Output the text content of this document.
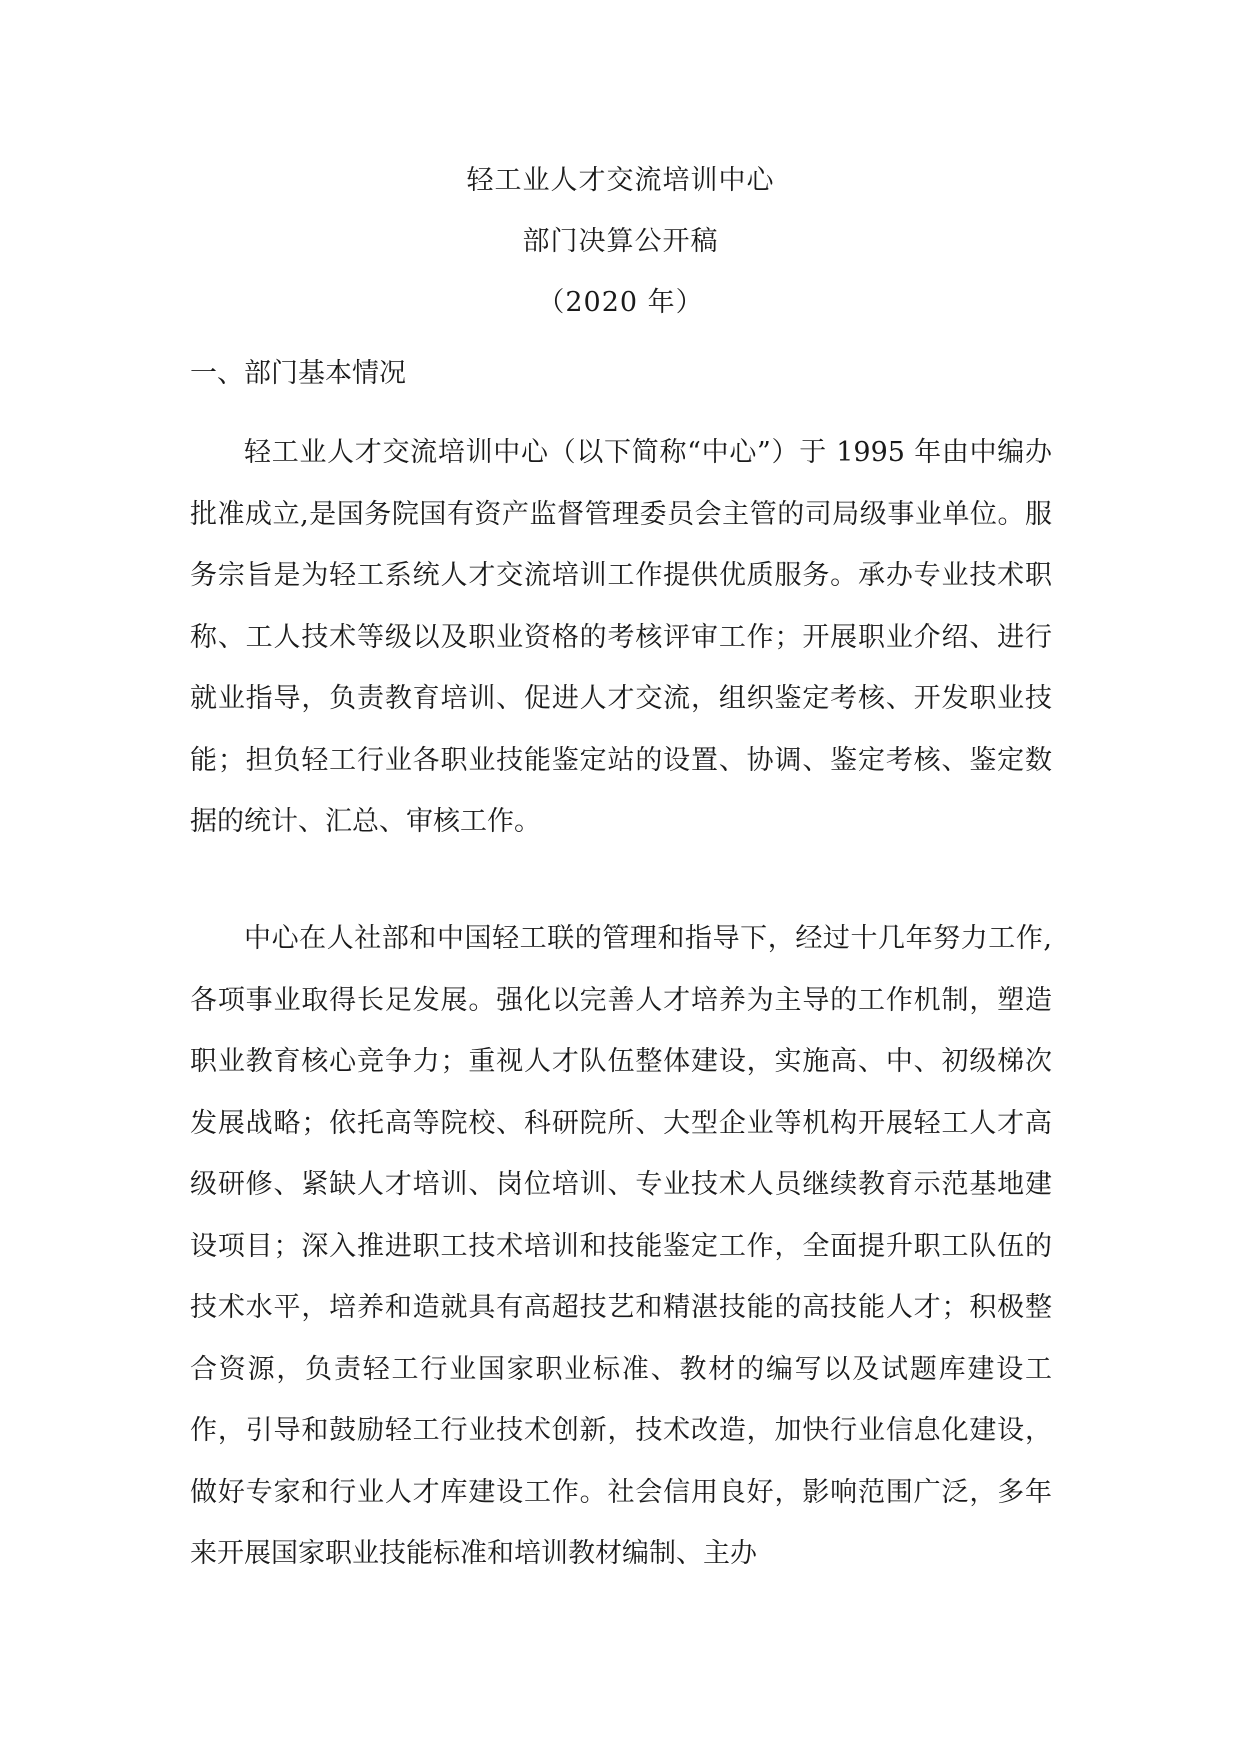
轻工业人才交流培训中心
部门决算公开稿
（2020 年）
一、部门基本情况

轻工业人才交流培训中心（以下简称“中心”）于 1995 年由中编办批准成立,是国务院国有资产监督管理委员会主管的司局级事业单位。服务宗旨是为轻工系统人才交流培训工作提供优质服务。承办专业技术职称、工人技术等级以及职业资格的考核评审工作；开展职业介绍、进行就业指导，负责教育培训、促进人才交流，组织鉴定考核、开发职业技能；担负轻工行业各职业技能鉴定站的设置、协调、鉴定考核、鉴定数据的统计、汇总、审核工作。

中心在人社部和中国轻工联的管理和指导下，经过十几年努力工作,各项事业取得长足发展。强化以完善人才培养为主导的工作机制，塑造职业教育核心竞争力；重视人才队伍整体建设，实施高、中、初级梯次发展战略；依托高等院校、科研院所、大型企业等机构开展轻工人才高级研修、紧缺人才培训、岗位培训、专业技术人员继续教育示范基地建设项目；深入推进职工技术培训和技能鉴定工作，全面提升职工队伍的技术水平，培养和造就具有高超技艺和精湛技能的高技能人才；积极整合资源，负责轻工行业国家职业标准、教材的编写以及试题库建设工作，引导和鼓励轻工行业技术创新，技术改造，加快行业信息化建设，做好专家和行业人才库建设工作。社会信用良好，影响范围广泛，多年来开展国家职业技能标准和培训教材编制、主办
